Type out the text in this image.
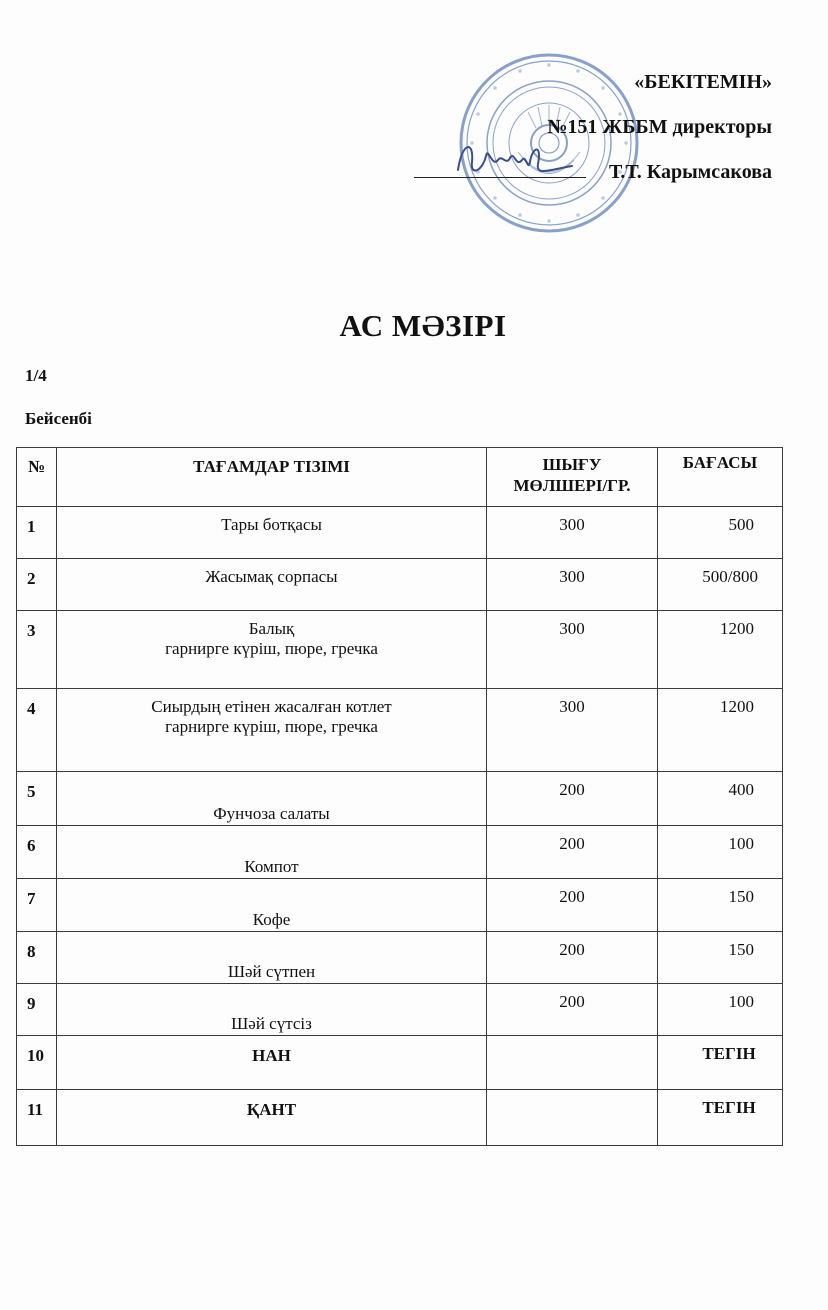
«БЕКІТЕМІН»
№151 ЖББМ директоры
Т.Т. Карымсакова
АС МӘЗІРІ
1/4
Бейсенбі
№	ТАҒАМДАР ТІЗІМІ	ШЫҒУ
МӨЛШЕРІ/ГР.	БАҒАСЫ

1	Тары ботқасы	300	500
2	Жасымақ сорпасы	300	500/800
3	Балық
гарнирге күріш, пюре, гречка	300	1200
4	Сиырдың етінен жасалған котлет
гарнирге күріш, пюре, гречка	300	1200
5	Фунчоза салаты	200	400
6	Компот	200	100
7	Кофе	200	150
8	Шәй сүтпен	200	150
9	Шәй сүтсіз	200	100
10	НАН		ТЕГІН
11	ҚАНТ		ТЕГІН
